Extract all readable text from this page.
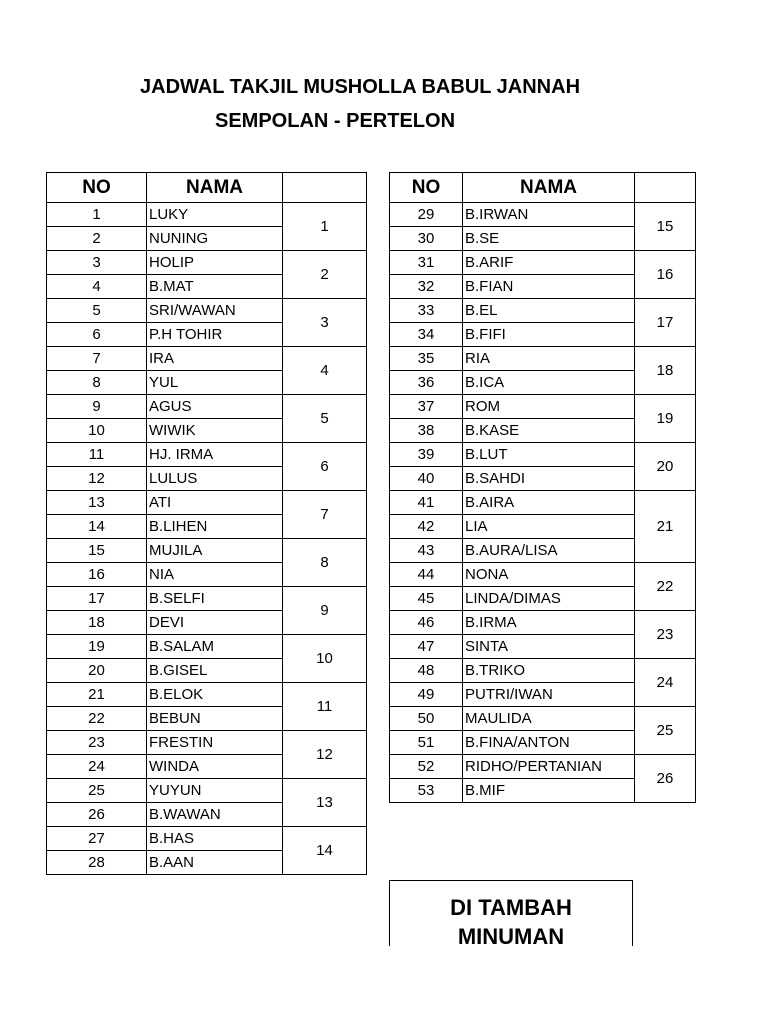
JADWAL TAKJIL MUSHOLLA BABUL JANNAH
SEMPOLAN - PERTELON
NO	NAMA	
1	LUKY	1
2	NUNING	
3	HOLIP	2
4	B.MAT	
5	SRI/WAWAN	3
6	P.H TOHIR	
7	IRA	4
8	YUL	
9	AGUS	5
10	WIWIK	
11	HJ. IRMA	6
12	LULUS	
13	ATI	7
14	B.LIHEN	
15	MUJILA	8
16	NIA	
17	B.SELFI	9
18	DEVI	
19	B.SALAM	10
20	B.GISEL	
21	B.ELOK	11
22	BEBUN	
23	FRESTIN	12
24	WINDA	
25	YUYUN	13
26	B.WAWAN	
27	B.HAS	14
28	B.AAN	
NO	NAMA	
29	B.IRWAN	15
30	B.SE	
31	B.ARIF	16
32	B.FIAN	
33	B.EL	17
34	B.FIFI	
35	RIA	18
36	B.ICA	
37	ROM	19
38	B.KASE	
39	B.LUT	20
40	B.SAHDI	
41	B.AIRA	21
42	LIA	
43	B.AURA/LISA	
44	NONA	22
45	LINDA/DIMAS	
46	B.IRMA	23
47	SINTA	
48	B.TRIKO	24
49	PUTRI/IWAN	
50	MAULIDA	25
51	B.FINA/ANTON	
52	RIDHO/PERTANIAN	26
53	B.MIF	
DI TAMBAH
MINUMAN
